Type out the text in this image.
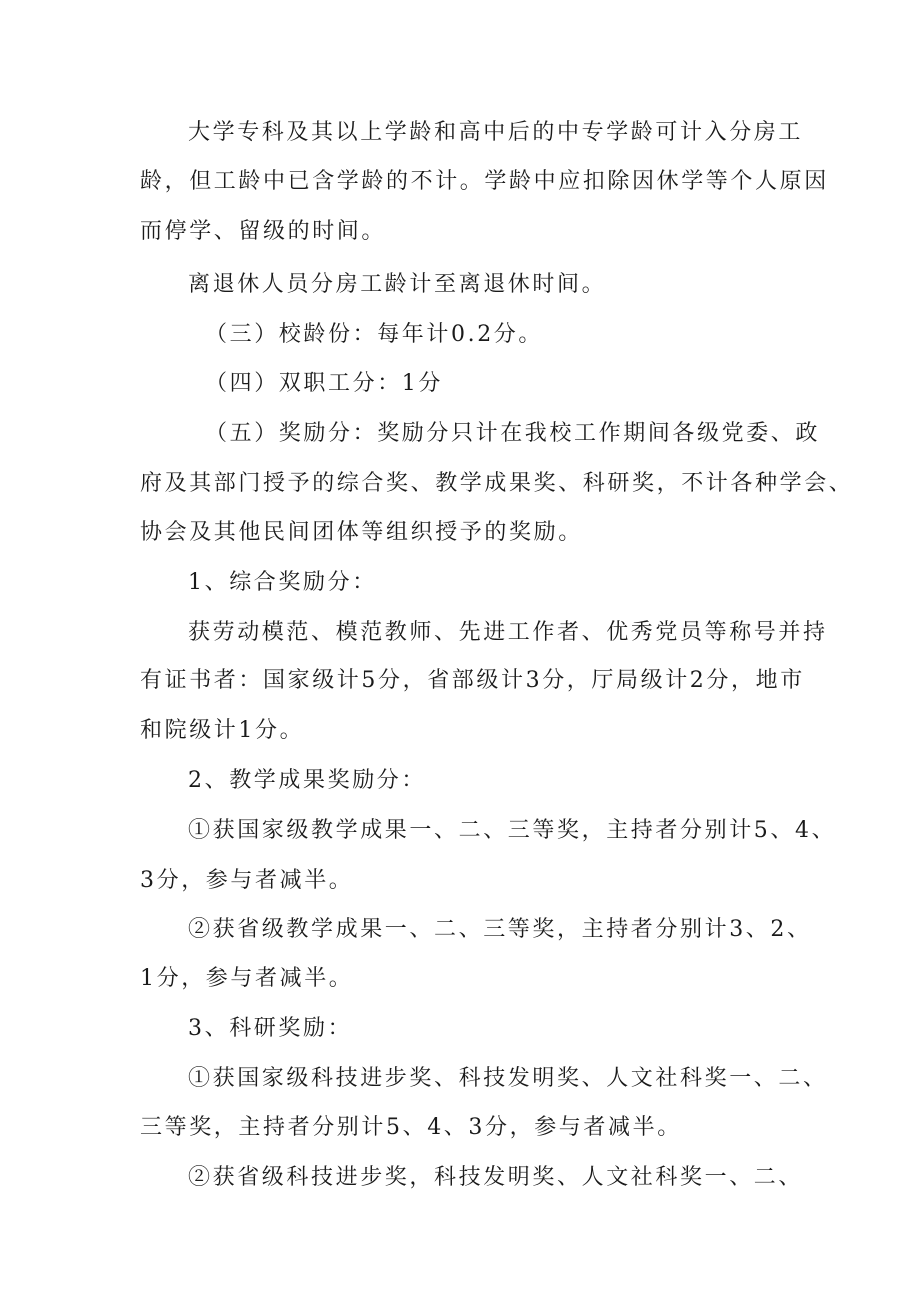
大学专科及其以上学龄和高中后的中专学龄可计入分房工
龄，但工龄中已含学龄的不计。学龄中应扣除因休学等个人原因
而停学、留级的时间。
离退休人员分房工龄计至离退休时间。
（三）校龄份：每年计0.2分。
（四）双职工分：1分
（五）奖励分：奖励分只计在我校工作期间各级党委、政
府及其部门授予的综合奖、教学成果奖、科研奖，不计各种学会、
协会及其他民间团体等组织授予的奖励。
1、综合奖励分：
获劳动模范、模范教师、先进工作者、优秀党员等称号并持
有证书者：国家级计5分，省部级计3分，厅局级计2分，地市
和院级计1分。
2、教学成果奖励分：
①获国家级教学成果一、二、三等奖，主持者分别计5、4、
3分，参与者减半。
②获省级教学成果一、二、三等奖，主持者分别计3、2、
1分，参与者减半。
3、科研奖励：
①获国家级科技进步奖、科技发明奖、人文社科奖一、二、
三等奖，主持者分别计5、4、3分，参与者减半。
②获省级科技进步奖，科技发明奖、人文社科奖一、二、
